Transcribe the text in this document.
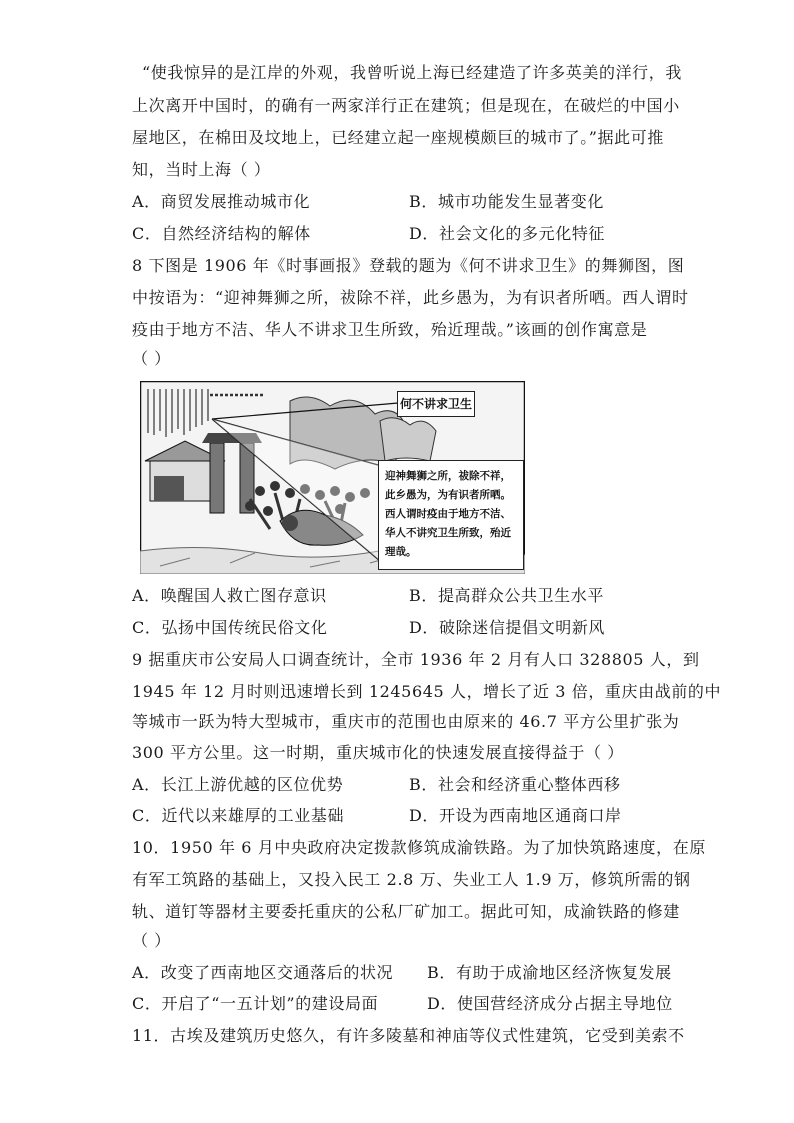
“使我惊异的是江岸的外观，我曾听说上海已经建造了许多英美的洋行，我

上次离开中国时，的确有一两家洋行正在建筑；但是现在，在破烂的中国小

屋地区，在棉田及坟地上，已经建立起一座规模颇巨的城市了。”据此可推

知，当时上海（ ）

A．商贸发展推动城市化	B．城市功能发生显著变化
C．自然经济结构的解体	D．社会文化的多元化特征

8 下图是 1906 年《时事画报》登载的题为《何不讲求卫生》的舞狮图，图

中按语为：“迎神舞狮之所，祓除不祥，此乡愚为，为有识者所哂。西人谓时

疫由于地方不洁、华人不讲求卫生所致，殆近理哉。”该画的创作寓意是

（ ）

何不讲求卫生
迎神舞狮之所，祓除不祥，此乡愚为，为有识者所哂。西人谓时疫由于地方不洁、华人不讲究卫生所致，殆近理哉。
A．唤醒国人救亡图存意识	B．提高群众公共卫生水平
C．弘扬中国传统民俗文化	D．破除迷信提倡文明新风

9 据重庆市公安局人口调查统计，全市 1936 年 2 月有人口 328805 人，到

1945 年 12 月时则迅速增长到 1245645 人，增长了近 3 倍，重庆由战前的中

等城市一跃为特大型城市，重庆市的范围也由原来的 46.7 平方公里扩张为

300 平方公里。这一时期，重庆城市化的快速发展直接得益于（ ）

A．长江上游优越的区位优势	B．社会和经济重心整体西移
C．近代以来雄厚的工业基础	D．开设为西南地区通商口岸

10．1950 年 6 月中央政府决定拨款修筑成渝铁路。为了加快筑路速度，在原

有军工筑路的基础上，又投入民工 2.8 万、失业工人 1.9 万，修筑所需的钢

轨、道钉等器材主要委托重庆的公私厂矿加工。据此可知，成渝铁路的修建

（ ）

A．改变了西南地区交通落后的状况 B．有助于成渝地区经济恢复发展
C．开启了“一五计划”的建设局面	D．使国营经济成分占据主导地位

11．古埃及建筑历史悠久，有许多陵墓和神庙等仪式性建筑，它受到美索不
